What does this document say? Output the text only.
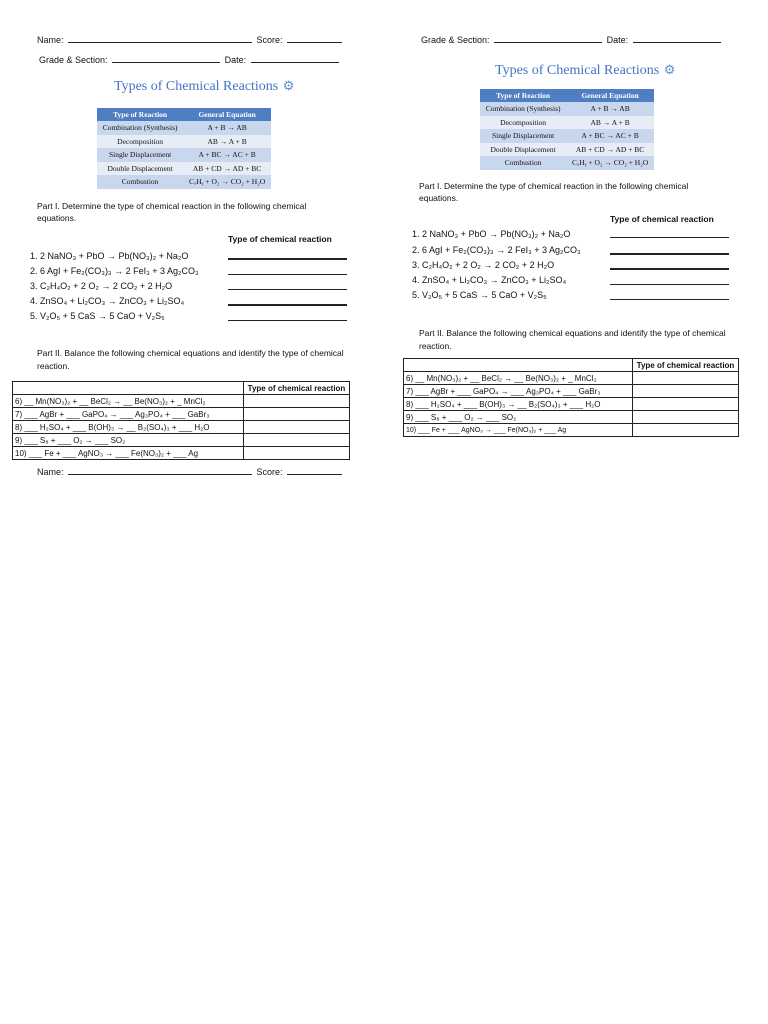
Name:	Score:
Grade & Section:	Date:
Types of Chemical Reactions ⚙
Type of Reaction	General Equation
Combination (Synthesis)	A + B → AB
Decomposition	AB → A + B
Single Displacement	A + BC → AC + B
Double Displacement	AB + CD → AD + BC
Combustion	CₓHᵧ + O₂ → CO₂ + H₂O
Part I. Determine the type of chemical reaction in the following chemical equations.
Type of chemical reaction
1. 2 NaNO₃ + PbO → Pb(NO₃)₂ + Na₂O
2. 6 AgI + Fe₂(CO₃)₃ → 2 FeI₃ + 3 Ag₂CO₃
3. C₂H₄O₂ + 2 O₂ → 2 CO₂ + 2 H₂O
4. ZnSO₄ + Li₂CO₃ → ZnCO₃ + Li₂SO₄
5. V₂O₅ + 5 CaS → 5 CaO + V₂S₅
Part II. Balance the following chemical equations and identify the type of chemical reaction.
	Type of chemical reaction
6) __ Mn(NO₃)₂ + __ BeCl₂ → __ Be(NO₃)₂ + _ MnCl₂	
7) ___ AgBr + ___ GaPO₄ → ___ Ag₃PO₄ + ___ GaBr₃	
8) ___ H₂SO₄ + ___ B(OH)₃ → __ B₂(SO₄)₃ + ___ H₂O	
9) ___ S₈ + ___ O₂ → ___ SO₂	
10) ___ Fe + ___ AgNO₃ → ___ Fe(NO₃)₂ + ___ Ag	
Name:	Score:
Grade & Section:	Date:
Types of Chemical Reactions ⚙
Type of Reaction	General Equation
Combination (Synthesis)	A + B → AB
Decomposition	AB → A + B
Single Displacement	A + BC → AC + B
Double Displacement	AB + CD → AD + BC
Combustion	CₓHᵧ + O₂ → CO₂ + H₂O
Part I. Determine the type of chemical reaction in the following chemical equations.
Type of chemical reaction
1. 2 NaNO₃ + PbO → Pb(NO₃)₂ + Na₂O
2. 6 AgI + Fe₂(CO₃)₃ → 2 FeI₃ + 3 Ag₂CO₃
3. C₂H₄O₂ + 2 O₂ → 2 CO₂ + 2 H₂O
4. ZnSO₄ + Li₂CO₃ → ZnCO₃ + Li₂SO₄
5. V₂O₅ + 5 CaS → 5 CaO + V₂S₅
Part II. Balance the following chemical equations and identify the type of chemical reaction.
	Type of chemical reaction
6) __ Mn(NO₃)₂ + __ BeCl₂ → __ Be(NO₃)₂ + _ MnCl₂	
7) ___ AgBr + ___ GaPO₄ → ___ Ag₃PO₄ + ___ GaBr₃	
8) ___ H₂SO₄ + ___ B(OH)₃ → __ B₂(SO₄)₃ + ___ H₂O	
9) ___ S₈ + ___ O₂ → ___ SO₂	
10) ___ Fe + ___ AgNO₃ → ___ Fe(NO₃)₂ + ___ Ag	
